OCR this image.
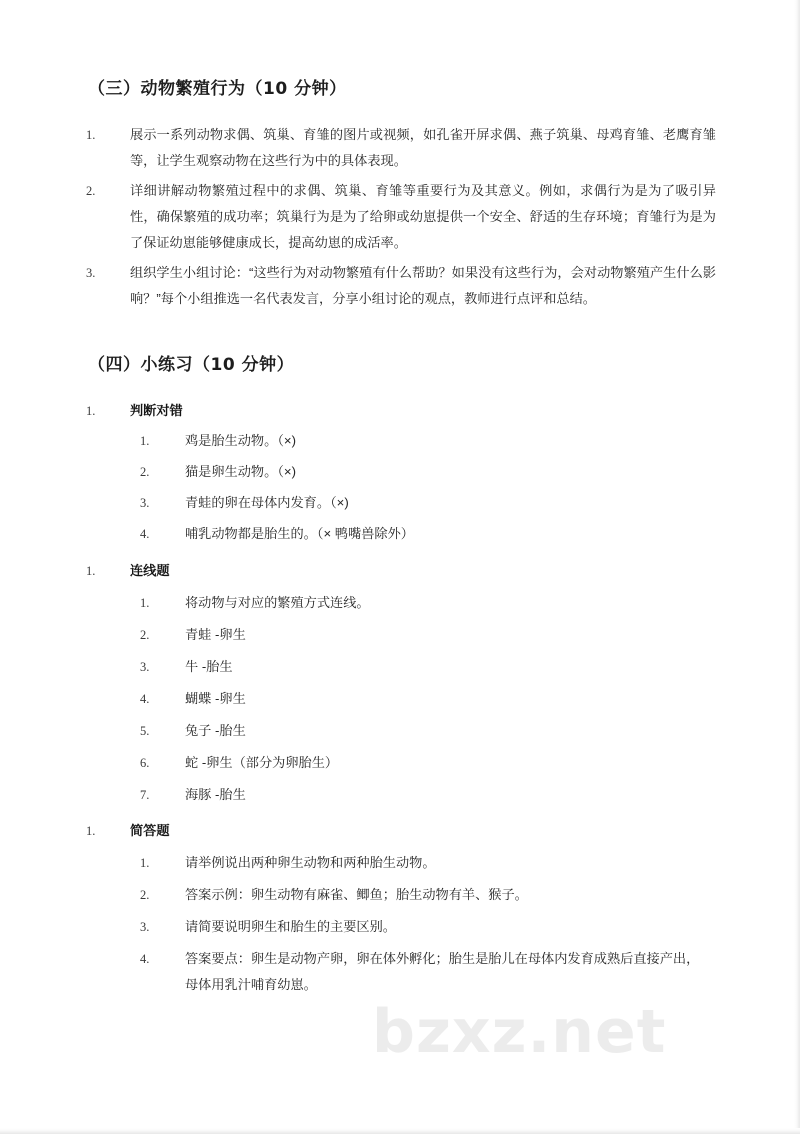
（三）动物繁殖行为（10 分钟）
1.	展示一系列动物求偶、筑巢、育雏的图片或视频，如孔雀开屏求偶、燕子筑巢、母鸡育雏、老鹰育雏等，让学生观察动物在这些行为中的具体表现。
2.	详细讲解动物繁殖过程中的求偶、筑巢、育雏等重要行为及其意义。例如，求偶行为是为了吸引异性，确保繁殖的成功率；筑巢行为是为了给卵或幼崽提供一个安全、舒适的生存环境；育雏行为是为了保证幼崽能够健康成长，提高幼崽的成活率。
3.	组织学生小组讨论：“这些行为对动物繁殖有什么帮助？如果没有这些行为，会对动物繁殖产生什么影响？”每个小组推选一名代表发言，分享小组讨论的观点，教师进行点评和总结。
（四）小练习（10 分钟）
1.	判断对错
1.	鸡是胎生动物。（×)
2.	猫是卵生动物。（×)
3.	青蛙的卵在母体内发育。（×)
4.	哺乳动物都是胎生的。（× 鸭嘴兽除外）
1.	连线题
1.	将动物与对应的繁殖方式连线。
2.	青蛙 -卵生
3.	牛 -胎生
4.	蝴蝶 -卵生
5.	兔子 -胎生
6.	蛇 -卵生（部分为卵胎生）
7.	海豚 -胎生
1.	简答题
1.	请举例说出两种卵生动物和两种胎生动物。
2.	答案示例：卵生动物有麻雀、鲫鱼；胎生动物有羊、猴子。
3.	请简要说明卵生和胎生的主要区别。
4.	答案要点：卵生是动物产卵，卵在体外孵化；胎生是胎儿在母体内发育成熟后直接产出，母体用乳汁哺育幼崽。
bzxz.net
